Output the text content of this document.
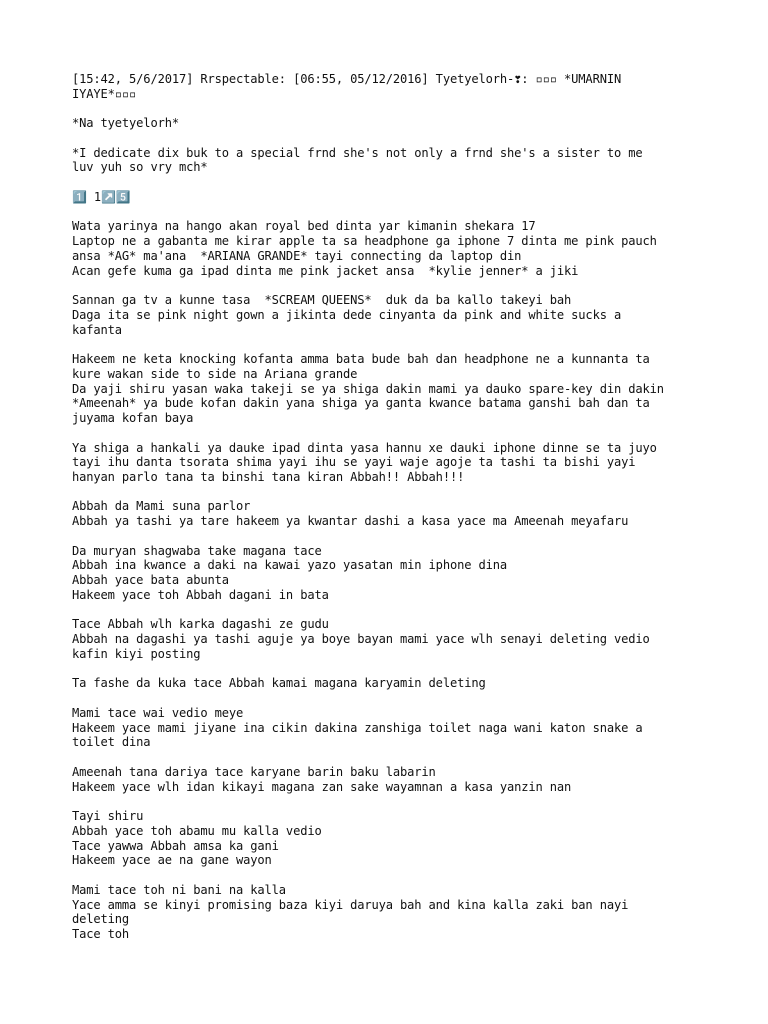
[15:42, 5/6/2017] Rrspectable: [06:55, 05/12/2016] Tyetyelorh-❣: ▫▫▫ *UMARNIN
IYAYE*▫▫▫
*Na tyetyelorh*
*I dedicate dix buk to a special frnd she's not only a frnd she's a sister to me
luv yuh so vry mch*
1️⃣ 1↗️5️⃣
Wata yarinya na hango akan royal bed dinta yar kimanin shekara 17
Laptop ne a gabanta me kirar apple ta sa headphone ga iphone 7 dinta me pink pauch
ansa *AG* ma'ana  *ARIANA GRANDE* tayi connecting da laptop din
Acan gefe kuma ga ipad dinta me pink jacket ansa  *kylie jenner* a jiki
Sannan ga tv a kunne tasa  *SCREAM QUEENS*  duk da ba kallo takeyi bah
Daga ita se pink night gown a jikinta dede cinyanta da pink and white sucks a
kafanta
Hakeem ne keta knocking kofanta amma bata bude bah dan headphone ne a kunnanta ta
kure wakan side to side na Ariana grande
Da yaji shiru yasan waka takeji se ya shiga dakin mami ya dauko spare-key din dakin
*Ameenah* ya bude kofan dakin yana shiga ya ganta kwance batama ganshi bah dan ta
juyama kofan baya
Ya shiga a hankali ya dauke ipad dinta yasa hannu xe dauki iphone dinne se ta juyo
tayi ihu danta tsorata shima yayi ihu se yayi waje agoje ta tashi ta bishi yayi
hanyan parlo tana ta binshi tana kiran Abbah!! Abbah!!!
Abbah da Mami suna parlor
Abbah ya tashi ya tare hakeem ya kwantar dashi a kasa yace ma Ameenah meyafaru
Da muryan shagwaba take magana tace
Abbah ina kwance a daki na kawai yazo yasatan min iphone dina
Abbah yace bata abunta
Hakeem yace toh Abbah dagani in bata
Tace Abbah wlh karka dagashi ze gudu
Abbah na dagashi ya tashi aguje ya boye bayan mami yace wlh senayi deleting vedio
kafin kiyi posting
Ta fashe da kuka tace Abbah kamai magana karyamin deleting
Mami tace wai vedio meye
Hakeem yace mami jiyane ina cikin dakina zanshiga toilet naga wani katon snake a
toilet dina
Ameenah tana dariya tace karyane barin baku labarin
Hakeem yace wlh idan kikayi magana zan sake wayamnan a kasa yanzin nan
Tayi shiru
Abbah yace toh abamu mu kalla vedio
Tace yawwa Abbah amsa ka gani
Hakeem yace ae na gane wayon
Mami tace toh ni bani na kalla
Yace amma se kinyi promising baza kiyi daruya bah and kina kalla zaki ban nayi
deleting
Tace toh
